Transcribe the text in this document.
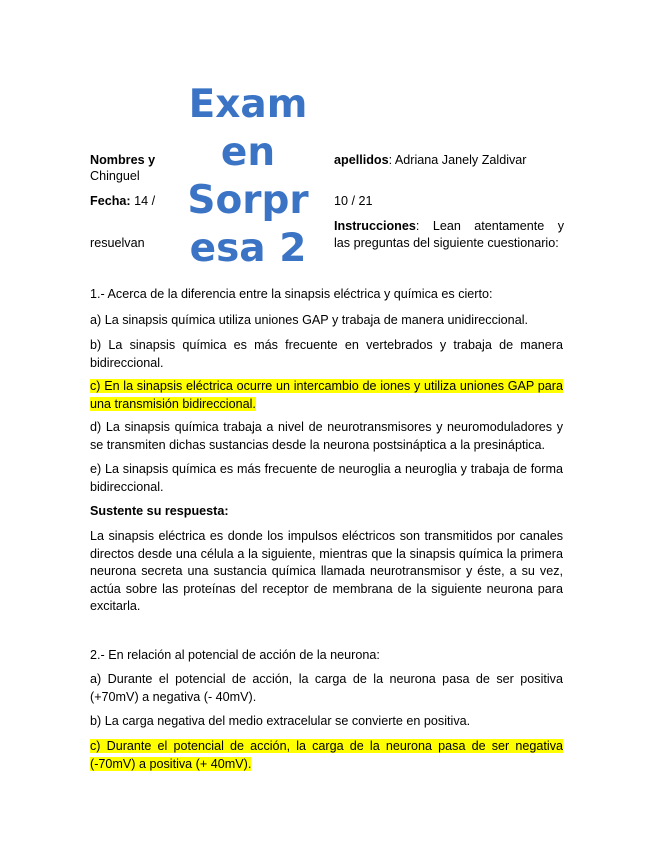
Exam
en
Sorpr
esa 2
Nombres y
Chinguel
apellidos: Adriana Janely Zaldivar
Fecha: 14 /	10 / 21
Instrucciones: Lean atentamente y
resuelvan	las preguntas del siguiente cuestionario:
1.- Acerca de la diferencia entre la sinapsis eléctrica y química es cierto:
a) La sinapsis química utiliza uniones GAP y trabaja de manera unidireccional.
b) La sinapsis química es más frecuente en vertebrados y trabaja de manera bidireccional.
c) En la sinapsis eléctrica ocurre un intercambio de iones y utiliza uniones GAP para una transmisión bidireccional.
d) La sinapsis química trabaja a nivel de neurotransmisores y neuromoduladores y se transmiten dichas sustancias desde la neurona postsináptica a la presináptica.
e) La sinapsis química es más frecuente de neuroglia a neuroglia y trabaja de forma bidireccional.
Sustente su respuesta:
La sinapsis eléctrica es donde los impulsos eléctricos son transmitidos por canales directos desde una célula a la siguiente, mientras que la sinapsis química la primera neurona secreta una sustancia química llamada neurotransmisor y éste, a su vez, actúa sobre las proteínas del receptor de membrana de la siguiente neurona para excitarla.
2.- En relación al potencial de acción de la neurona:
a) Durante el potencial de acción, la carga de la neurona pasa de ser positiva (+70mV) a negativa (- 40mV).
b) La carga negativa del medio extracelular se convierte en positiva.
c) Durante el potencial de acción, la carga de la neurona pasa de ser negativa (-70mV) a positiva (+ 40mV).
